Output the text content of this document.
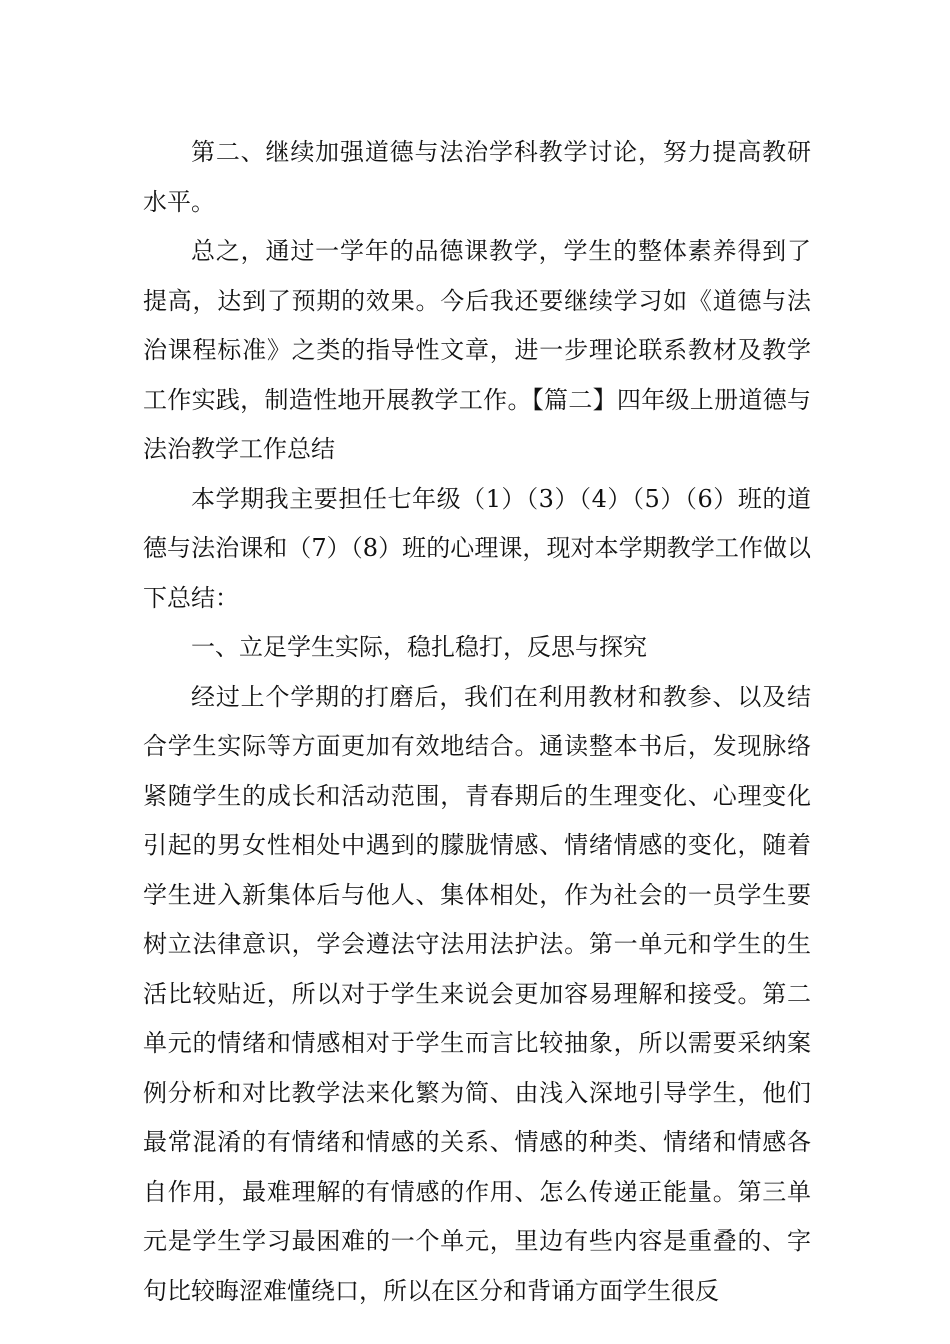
第二、继续加强道德与法治学科教学讨论，努力提高教研水平。

总之，通过一学年的品德课教学，学生的整体素养得到了提高，达到了预期的效果。今后我还要继续学习如《道德与法治课程标准》之类的指导性文章，进一步理论联系教材及教学工作实践，制造性地开展教学工作。【篇二】四年级上册道德与法治教学工作总结

本学期我主要担任七年级（1）（3）（4）（5）（6）班的道德与法治课和（7）（8）班的心理课，现对本学期教学工作做以下总结：

一、立足学生实际，稳扎稳打，反思与探究

经过上个学期的打磨后，我们在利用教材和教参、以及结合学生实际等方面更加有效地结合。通读整本书后，发现脉络紧随学生的成长和活动范围，青春期后的生理变化、心理变化引起的男女性相处中遇到的朦胧情感、情绪情感的变化，随着学生进入新集体后与他人、集体相处，作为社会的一员学生要树立法律意识，学会遵法守法用法护法。第一单元和学生的生活比较贴近，所以对于学生来说会更加容易理解和接受。第二单元的情绪和情感相对于学生而言比较抽象，所以需要采纳案例分析和对比教学法来化繁为简、由浅入深地引导学生，他们最常混淆的有情绪和情感的关系、情感的种类、情绪和情感各自作用，最难理解的有情感的作用、怎么传递正能量。第三单元是学生学习最困难的一个单元，里边有些内容是重叠的、字句比较晦涩难懂绕口，所以在区分和背诵方面学生很反
